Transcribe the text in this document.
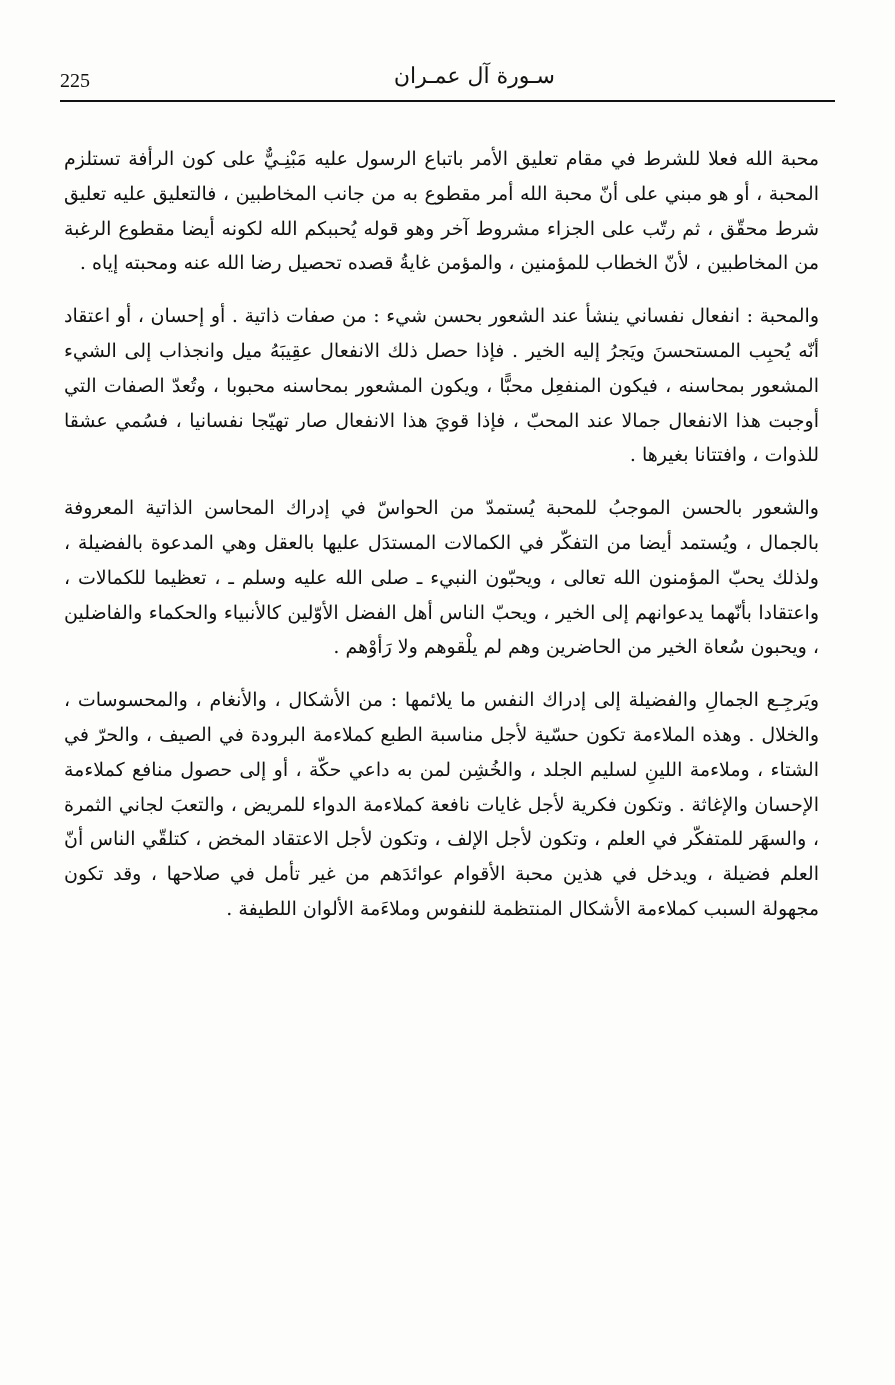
225	سـورة آل عمـران

محبة الله فعلا للشرط في مقام تعليق الأمر باتباع الرسول عليه مَبْنِـيٌّ على كون الرأفة تستلزم المحبة ، أو هو مبني على أنّ محبة الله أمر مقطوع به من جانب المخاطبين ، فالتعليق عليه تعليق شرط محقّق ، ثم رتّب على الجزاء مشروط آخر وهو قوله يُحببكم الله لكونه أيضا مقطوع الرغبة من المخاطبين ، لأنّ الخطاب للمؤمنين ، والمؤمن غايةُ قصده تحصيل رضا الله عنه ومحبته إياه .

والمحبة : انفعال نفساني ينشأ عند الشعور بحسن شيء : من صفات ذاتية . أو إحسان ، أو اعتقاد أنّه يُحبِب المستحسنَ ويَجرُ إليه الخير . فإذا حصل ذلك الانفعال عقِيبَهُ ميل وانجذاب إلى الشيء المشعور بمحاسنه ، فيكون المنفعِل محبًّا ، ويكون المشعور بمحاسنه محبوبا ، وتُعدّ الصفات التي أوجبت هذا الانفعال جمالا عند المحبّ ، فإذا قويَ هذا الانفعال صار تهيّجا نفسانيا ، فسُمي عشقا للذوات ، وافتتانا بغيرها .

والشعور بالحسن الموجبُ للمحبة يُستمدّ من الحواسّ في إدراك المحاسن الذاتية المعروفة بالجمال ، ويُستمد أيضا من التفكّر في الكمالات المستدَل عليها بالعقل وهي المدعوة بالفضيلة ، ولذلك يحبّ المؤمنون الله تعالى ، ويحبّون النبيء ـ صلى الله عليه وسلم ـ ، تعظيما للكمالات ، واعتقادا بأنّهما يدعوانهم إلى الخير ، ويحبّ الناس أهل الفضل الأوّلين كالأنبياء والحكماء والفاضلين ، ويحبون سُعاة الخير من الحاضرين وهم لم يلْقوهم ولا رَأوْهم .

ويَرجِـع الجمالِ والفضيلة إلى إدراك النفس ما يلائمها : من الأشكال ، والأنغام ، والمحسوسات ، والخلال . وهذه الملاءمة تكون حسّية لأجل مناسبة الطبع كملاءمة البرودة في الصيف ، والحرّ في الشتاء ، وملاءمة اللينِ لسليم الجلد ، والخُشِن لمن به داعي حكّة ، أو إلى حصول منافع كملاءمة الإحسان والإغاثة . وتكون فكرية لأجل غايات نافعة كملاءمة الدواء للمريض ، والتعبَ لجاني الثمرة ، والسهَر للمتفكّر في العلم ، وتكون لأجل الإلف ، وتكون لأجل الاعتقاد المخض ، كتلقّي الناس أنّ العلم فضيلة ، ويدخل في هذين محبة الأقوام عوائدَهم من غير تأمل في صلاحها ، وقد تكون مجهولة السبب كملاءمة الأشكال المنتظمة للنفوس وملاءَمة الألوان اللطيفة .
